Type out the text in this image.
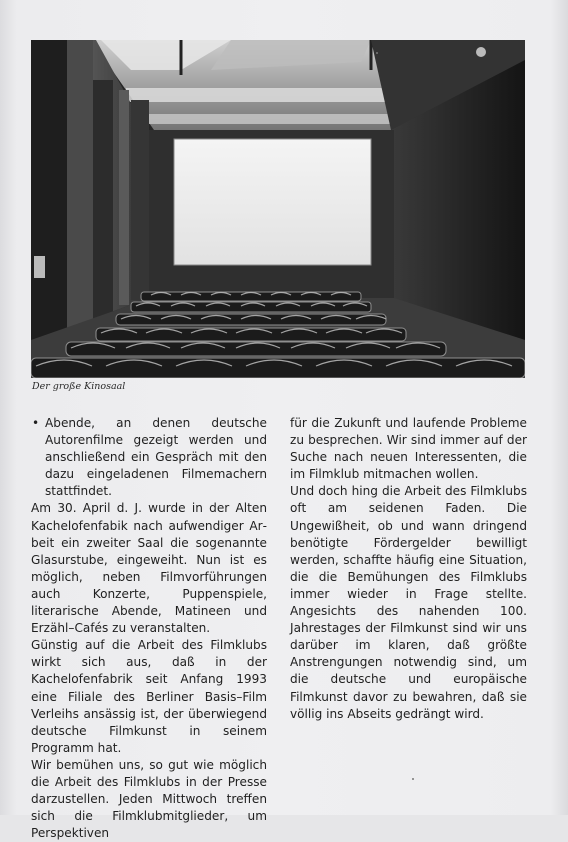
Der große Kinosaal

• Abende, an denen deutsche Autorenfilme gezeigt werden und anschließend ein Gespräch mit den dazu eingeladenen Filmemachern stattfindet.

Am 30. April d. J. wurde in der Alten Kachelofenfabik nach aufwendiger Arbeit ein zweiter Saal die sogenannte Glasurstube, eingeweiht. Nun ist es möglich, neben Filmvorführungen auch Konzerte, Puppenspiele, literarische Abende, Matineen und Erzähl–Cafés zu veranstalten.

Günstig auf die Arbeit des Filmklubs wirkt sich aus, daß in der Kachelofenfabrik seit Anfang 1993 eine Filiale des Berliner Basis–Film Verleihs ansässig ist, der überwiegend deutsche Filmkunst in seinem Programm hat.

Wir bemühen uns, so gut wie möglich die Arbeit des Filmklubs in der Presse darzustellen. Jeden Mittwoch treffen sich die Filmklubmitglieder, um Perspektiven

für die Zukunft und laufende Probleme zu besprechen. Wir sind immer auf der Suche nach neuen Interessenten, die im Filmklub mitmachen wollen.

Und doch hing die Arbeit des Filmklubs oft am seidenen Faden. Die Ungewißheit, ob und wann dringend benötigte Fördergelder bewilligt werden, schaffte häufig eine Situation, die die Bemühungen des Filmklubs immer wieder in Frage stellte. Angesichts des nahenden 100. Jahrestages der Filmkunst sind wir uns darüber im klaren, daß größte Anstrengungen notwendig sind, um die deutsche und europäische Filmkunst davor zu bewahren, daß sie völlig ins Abseits gedrängt wird.
